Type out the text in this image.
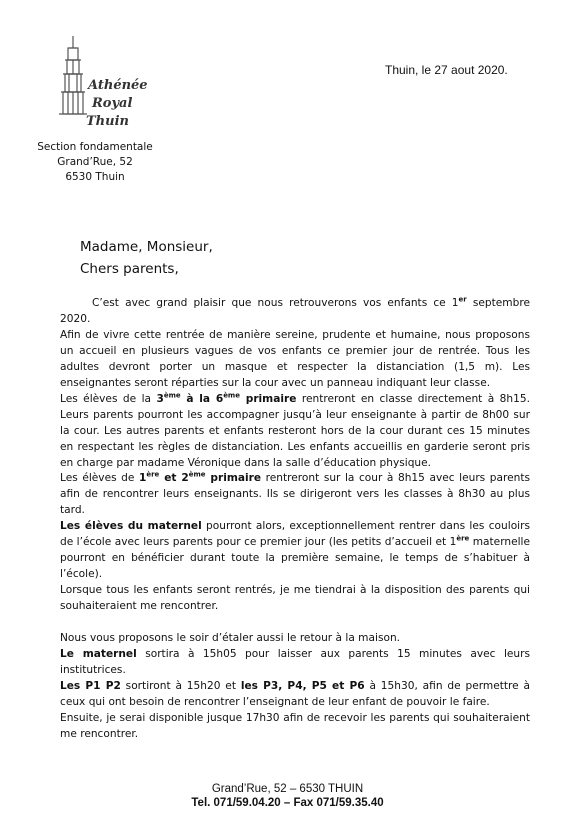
Athénée
Royal
Thuin
Section fondamentale
Grand’Rue, 52
6530 Thuin
Thuin, le 27 aout 2020.
Madame, Monsieur,
Chers parents,

C’est avec grand plaisir que nous retrouverons vos enfants ce 1er septembre 2020.

Afin de vivre cette rentrée de manière sereine, prudente et humaine, nous proposons un accueil en plusieurs vagues de vos enfants ce premier jour de rentrée. Tous les adultes devront porter un masque et respecter la distanciation (1,5 m). Les enseignantes seront réparties sur la cour avec un panneau indiquant leur classe.

Les élèves de la 3ème à la 6ème primaire rentreront en classe directement à 8h15. Leurs parents pourront les accompagner jusqu’à leur enseignante à partir de 8h00 sur la cour. Les autres parents et enfants resteront hors de la cour durant ces 15 minutes en respectant les règles de distanciation. Les enfants accueillis en garderie seront pris en charge par madame Véronique dans la salle d’éducation physique.

Les élèves de 1ère et 2ème primaire rentreront sur la cour à 8h15 avec leurs parents afin de rencontrer leurs enseignants. Ils se dirigeront vers les classes à 8h30 au plus tard.

Les élèves du maternel pourront alors, exceptionnellement rentrer dans les couloirs de l’école avec leurs parents pour ce premier jour (les petits d’accueil et 1ère maternelle pourront en bénéficier durant toute la première semaine, le temps de s’habituer à l’école).

Lorsque tous les enfants seront rentrés, je me tiendrai à la disposition des parents qui souhaiteraient me rencontrer.

Nous vous proposons le soir d’étaler aussi le retour à la maison.

Le maternel sortira à 15h05 pour laisser aux parents 15 minutes avec leurs institutrices.

Les P1 P2 sortiront à 15h20 et les P3, P4, P5 et P6 à 15h30, afin de permettre à ceux qui ont besoin de rencontrer l’enseignant de leur enfant de pouvoir le faire.

Ensuite, je serai disponible jusque 17h30 afin de recevoir les parents qui souhaiteraient me rencontrer.

Grand’Rue, 52 – 6530 THUIN
Tel. 071/59.04.20 – Fax 071/59.35.40
